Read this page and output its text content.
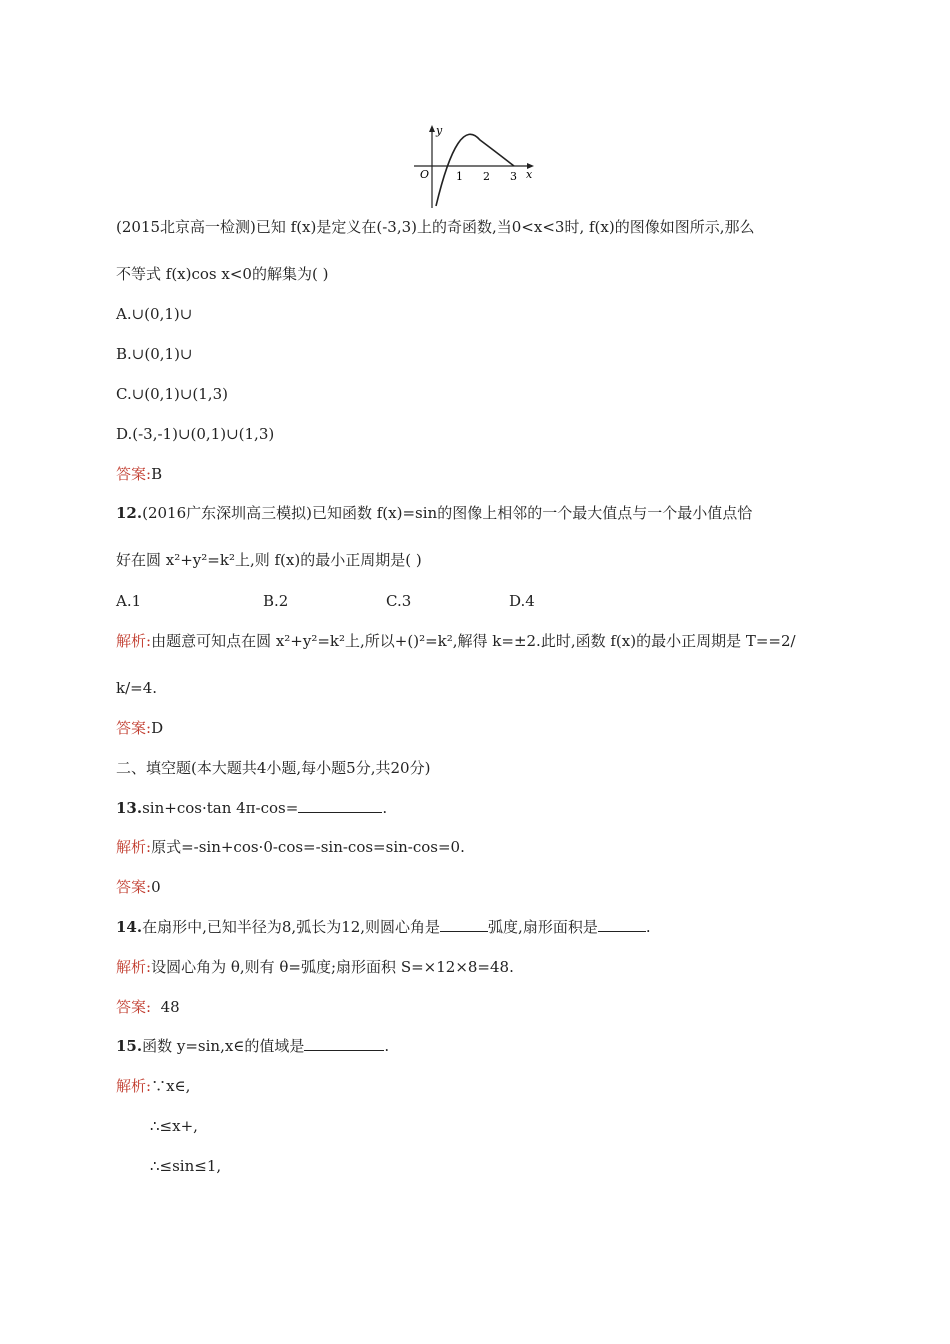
y
x
O 1 2 3
(2015北京高一检测)已知 f(x)是定义在(-3,3)上的奇函数,当0<x<3时, f(x)的图像如图所示,那么
不等式 f(x)cos x<0的解集为( )
A.∪(0,1)∪
B.∪(0,1)∪
C.∪(0,1)∪(1,3)
D.(-3,-1)∪(0,1)∪(1,3)
答案:B
12.(2016广东深圳高三模拟)已知函数 f(x)=sin的图像上相邻的一个最大值点与一个最小值点恰
好在圆 x²+y²=k²上,则 f(x)的最小正周期是( )
A.1	B.2	C.3	D.4
解析:由题意可知点在圆 x²+y²=k²上,所以+()²=k²,解得 k=±2.此时,函数 f(x)的最小正周期是 T==2/
k/=4.
答案:D
二、填空题(本大题共4小题,每小题5分,共20分)
13.sin+cos·tan 4π-cos=	.
解析:原式=-sin+cos·0-cos=-sin-cos=sin-cos=0.
答案:0
14.在扇形中,已知半径为8,弧长为12,则圆心角是	弧度,扇形面积是	.
解析:设圆心角为 θ,则有 θ=弧度;扇形面积 S=×12×8=48.
答案:  48
15.函数 y=sin,x∈的值域是	.
解析:∵x∈,
∴≤x+,
∴≤sin≤1,
